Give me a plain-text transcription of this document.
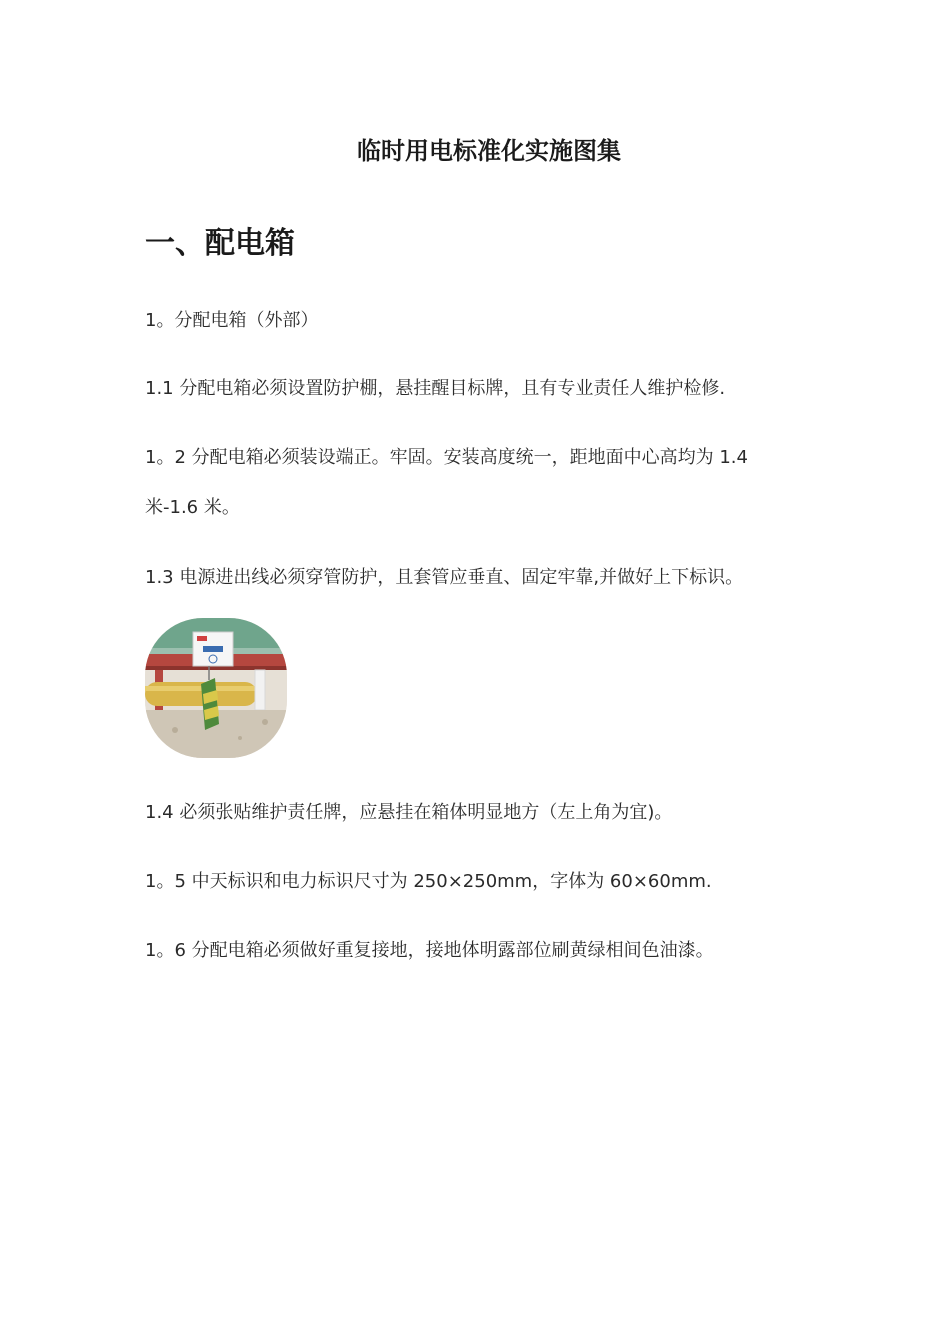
临时用电标准化实施图集
一、配电箱

1。分配电箱（外部）

1.1 分配电箱必须设置防护棚，悬挂醒目标牌，且有专业责任人维护检修.

1。2 分配电箱必须装设端正。牢固。安装高度统一，距地面中心高均为 1.4 米-1.6 米。

1.3 电源进出线必须穿管防护，且套管应垂直、固定牢靠,并做好上下标识。

1.4 必须张贴维护责任牌，应悬挂在箱体明显地方（左上角为宜)。

1。5 中天标识和电力标识尺寸为 250×250mm，字体为 60×60mm.

1。6 分配电箱必须做好重复接地，接地体明露部位刷黄绿相间色油漆。
